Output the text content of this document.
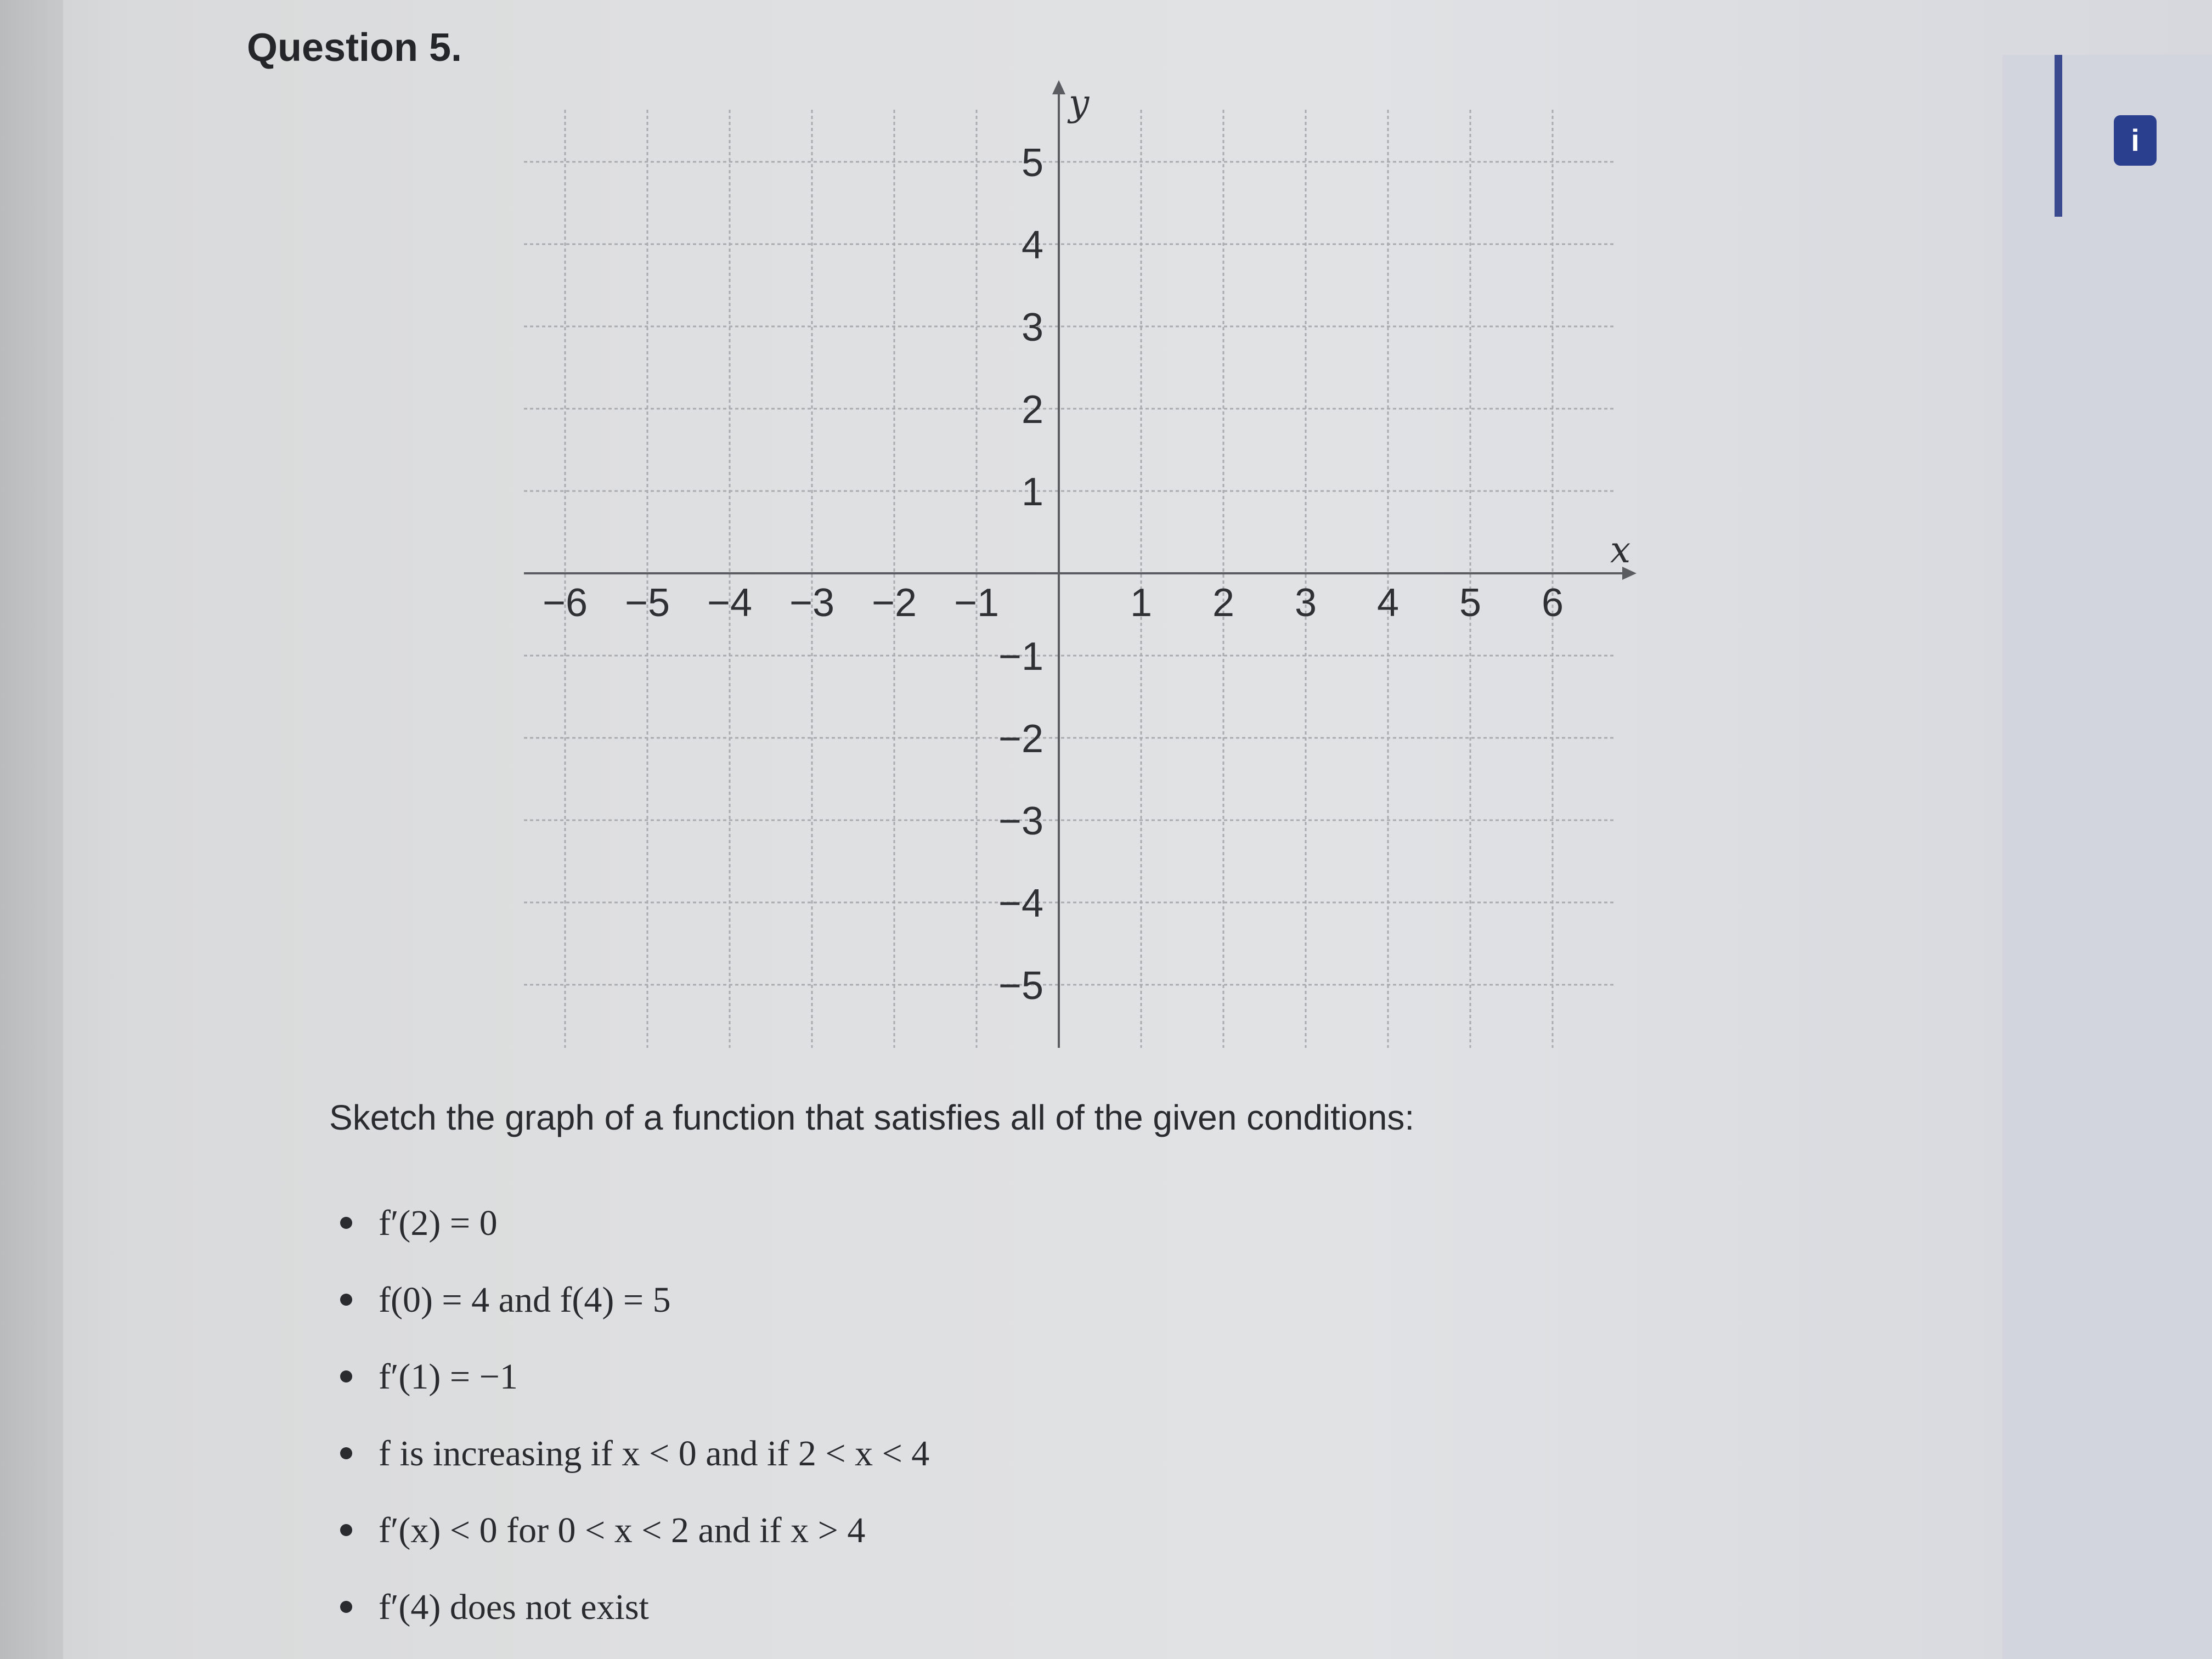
Question 5.
x
y
−6 −5 −4 −3 −2 −1	1 2 3 4 5 6
5
4
3
2
1
−1
−2
−3
−4
−5

Sketch the graph of a function that satisfies all of the given conditions:

f′(2) = 0
f(0) = 4 and f(4) = 5
f′(1) = −1
f is increasing if x < 0 and if 2 < x < 4
f′(x) < 0 for 0 < x < 2 and if x > 4
f′(4) does not exist
i
